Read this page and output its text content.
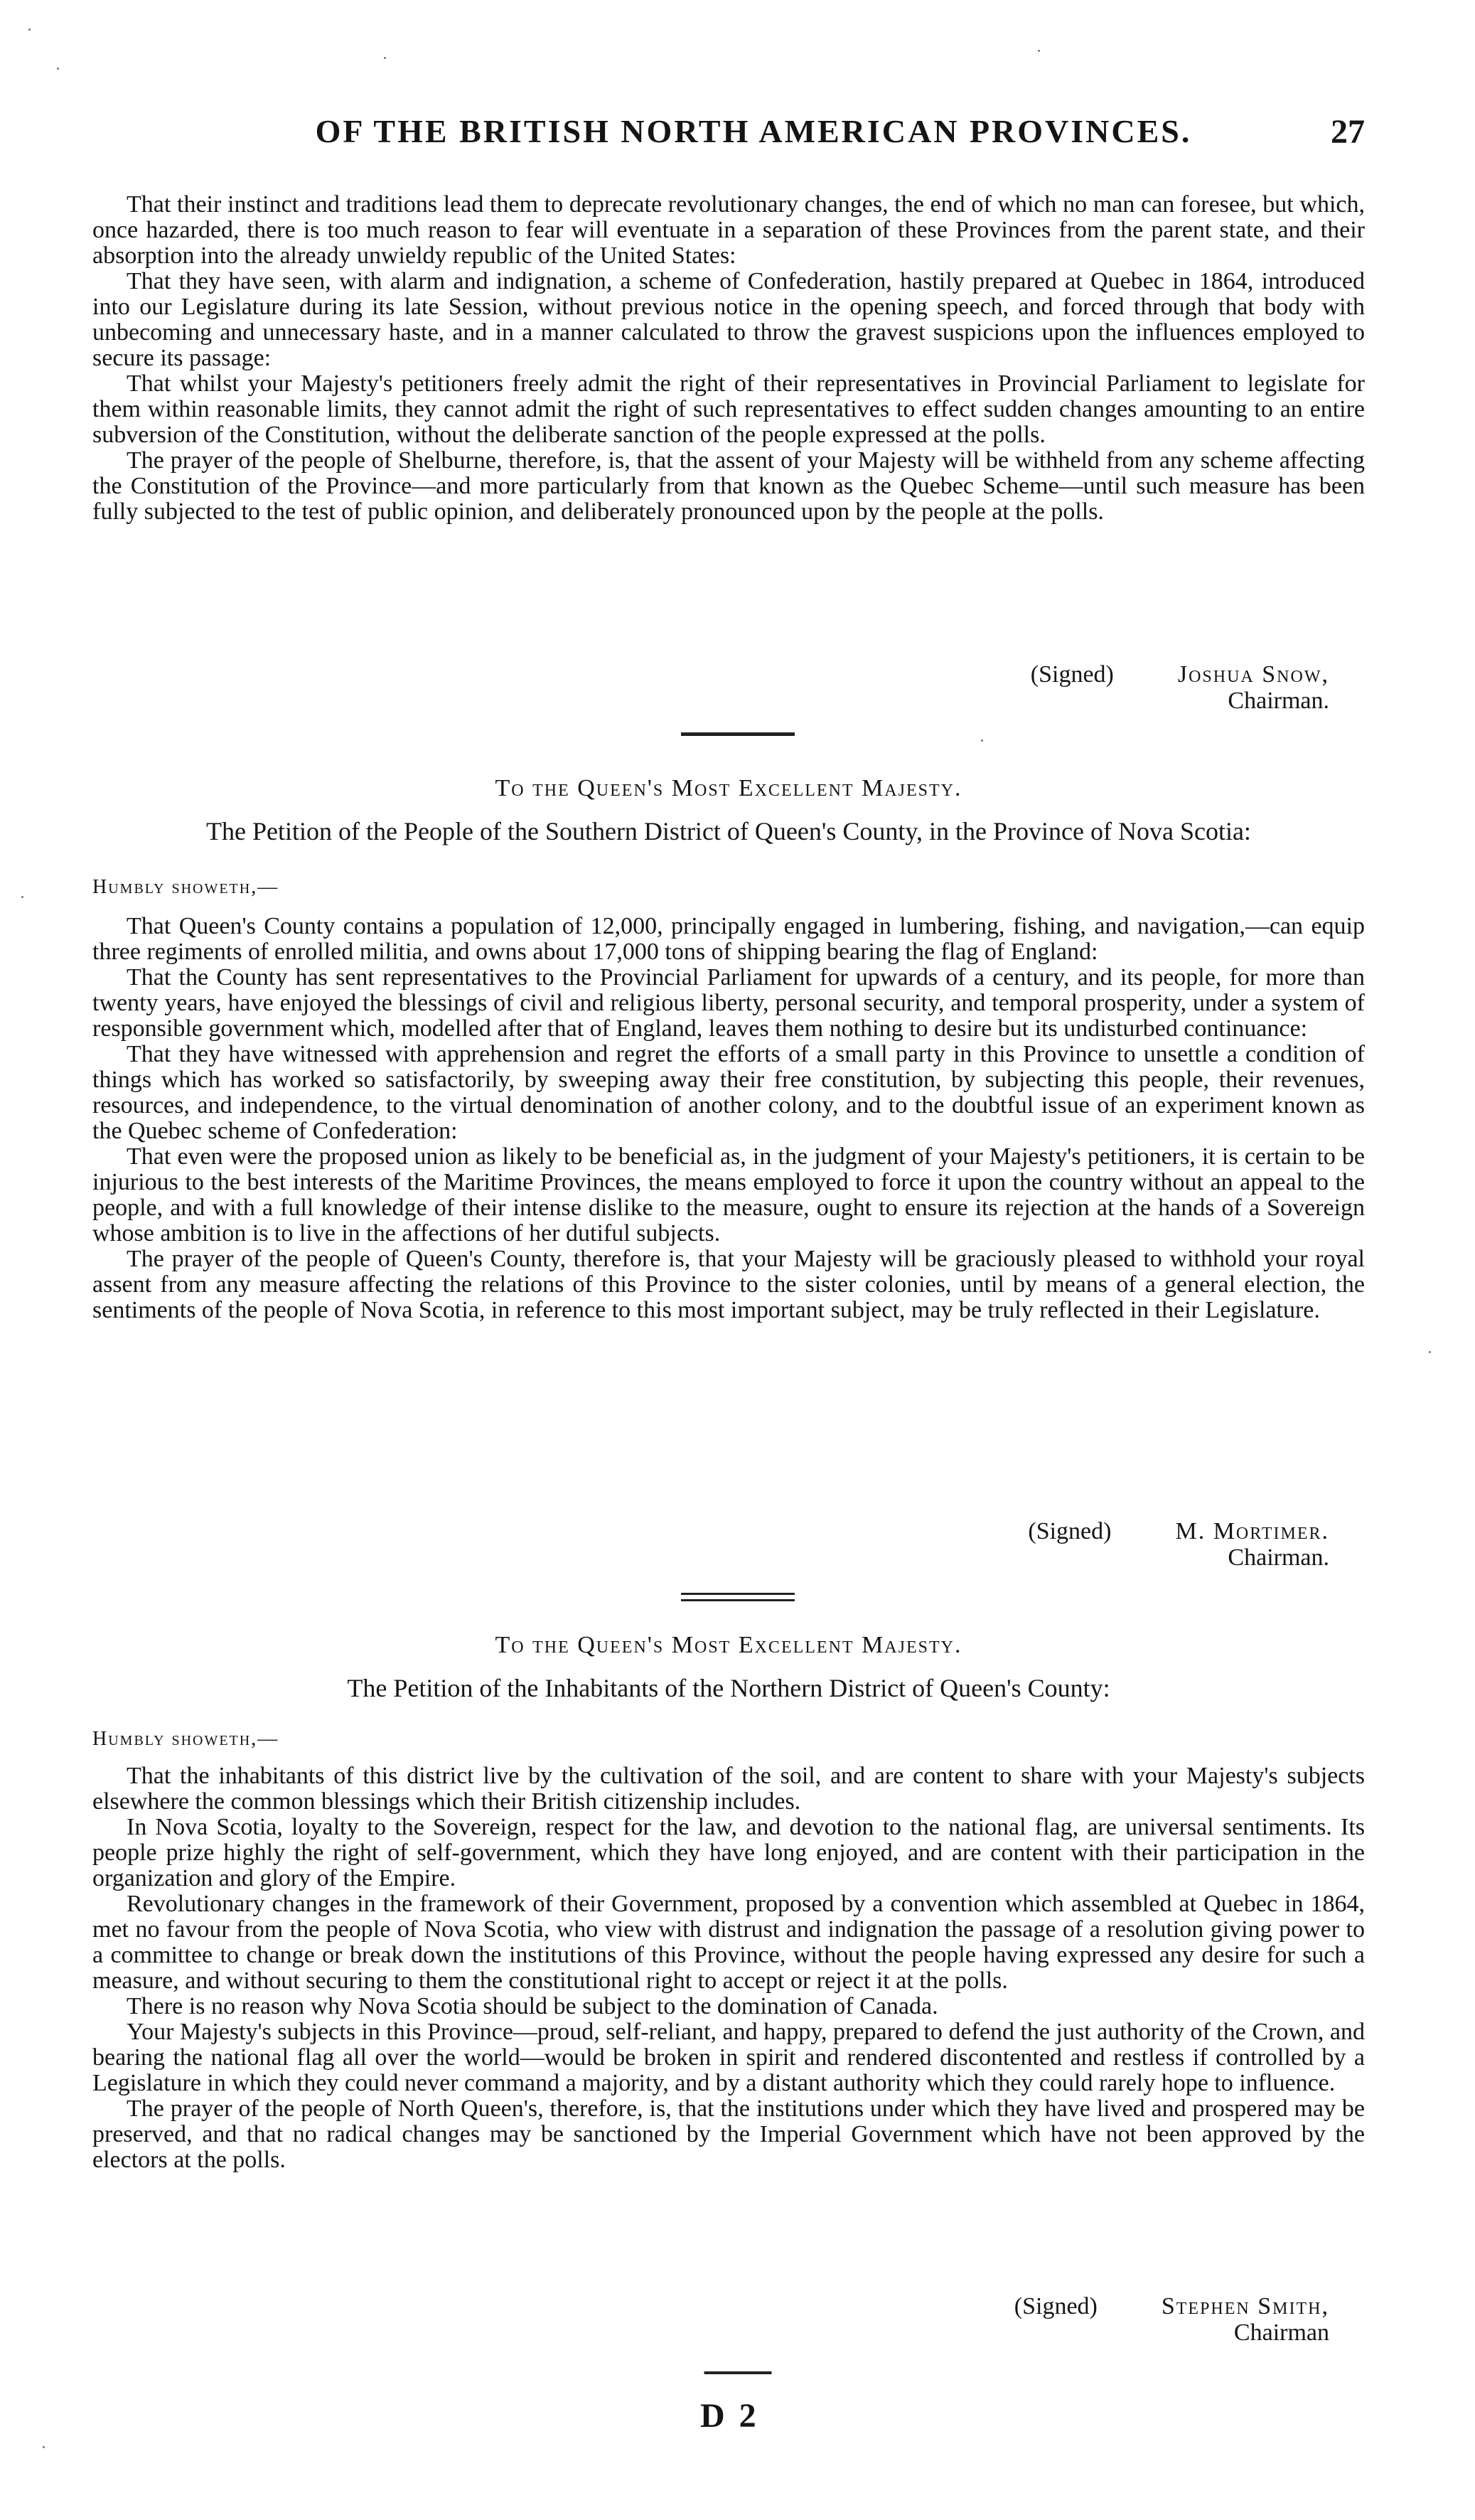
OF THE BRITISH NORTH AMERICAN PROVINCES.	27

That their instinct and traditions lead them to deprecate revolutionary changes, the end of which no man can foresee, but which, once hazarded, there is too much reason to fear will eventuate in a separation of these Provinces from the parent state, and their absorption into the already unwieldy republic of the United States:

That they have seen, with alarm and indignation, a scheme of Confederation, hastily prepared at Quebec in 1864, introduced into our Legislature during its late Session, without previous notice in the opening speech, and forced through that body with unbecoming and unnecessary haste, and in a manner calculated to throw the gravest suspicions upon the influences employed to secure its passage:

That whilst your Majesty's petitioners freely admit the right of their representatives in Provincial Parliament to legislate for them within reasonable limits, they cannot admit the right of such representatives to effect sudden changes amounting to an entire subversion of the Constitution, without the deliberate sanction of the people expressed at the polls.

The prayer of the people of Shelburne, therefore, is, that the assent of your Majesty will be withheld from any scheme affecting the Constitution of the Province—and more particularly from that known as the Quebec Scheme—until such measure has been fully subjected to the test of public opinion, and deliberately pronounced upon by the people at the polls.

(Signed)	Joshua Snow,
Chairman.
To the Queen's Most Excellent Majesty.
The Petition of the People of the Southern District of Queen's County, in the Province of Nova Scotia:
Humbly showeth,—

That Queen's County contains a population of 12,000, principally engaged in lumbering, fishing, and navigation,—can equip three regiments of enrolled militia, and owns about 17,000 tons of shipping bearing the flag of England:

That the County has sent representatives to the Provincial Parliament for upwards of a century, and its people, for more than twenty years, have enjoyed the blessings of civil and religious liberty, personal security, and temporal prosperity, under a system of responsible government which, modelled after that of England, leaves them nothing to desire but its undisturbed continuance:

That they have witnessed with apprehension and regret the efforts of a small party in this Province to unsettle a condition of things which has worked so satisfactorily, by sweeping away their free constitution, by subjecting this people, their revenues, resources, and independence, to the virtual denomination of another colony, and to the doubtful issue of an experiment known as the Quebec scheme of Confederation:

That even were the proposed union as likely to be beneficial as, in the judgment of your Majesty's petitioners, it is certain to be injurious to the best interests of the Maritime Provinces, the means employed to force it upon the country without an appeal to the people, and with a full knowledge of their intense dislike to the measure, ought to ensure its rejection at the hands of a Sovereign whose ambition is to live in the affections of her dutiful subjects.

The prayer of the people of Queen's County, therefore is, that your Majesty will be graciously pleased to withhold your royal assent from any measure affecting the relations of this Province to the sister colonies, until by means of a general election, the sentiments of the people of Nova Scotia, in reference to this most important subject, may be truly reflected in their Legislature.

(Signed)	M. Mortimer.
Chairman.
To the Queen's Most Excellent Majesty.
The Petition of the Inhabitants of the Northern District of Queen's County:
Humbly showeth,—

That the inhabitants of this district live by the cultivation of the soil, and are content to share with your Majesty's subjects elsewhere the common blessings which their British citizenship includes.

In Nova Scotia, loyalty to the Sovereign, respect for the law, and devotion to the national flag, are universal sentiments. Its people prize highly the right of self-government, which they have long enjoyed, and are content with their participation in the organization and glory of the Empire.

Revolutionary changes in the framework of their Government, proposed by a convention which assembled at Quebec in 1864, met no favour from the people of Nova Scotia, who view with distrust and indignation the passage of a resolution giving power to a committee to change or break down the institutions of this Province, without the people having expressed any desire for such a measure, and without securing to them the constitutional right to accept or reject it at the polls.

There is no reason why Nova Scotia should be subject to the domination of Canada.

Your Majesty's subjects in this Province—proud, self-reliant, and happy, prepared to defend the just authority of the Crown, and bearing the national flag all over the world—would be broken in spirit and rendered discontented and restless if controlled by a Legislature in which they could never command a majority, and by a distant authority which they could rarely hope to influence.

The prayer of the people of North Queen's, therefore, is, that the institutions under which they have lived and prospered may be preserved, and that no radical changes may be sanctioned by the Imperial Government which have not been approved by the electors at the polls.

(Signed)	Stephen Smith,
Chairman
D 2
